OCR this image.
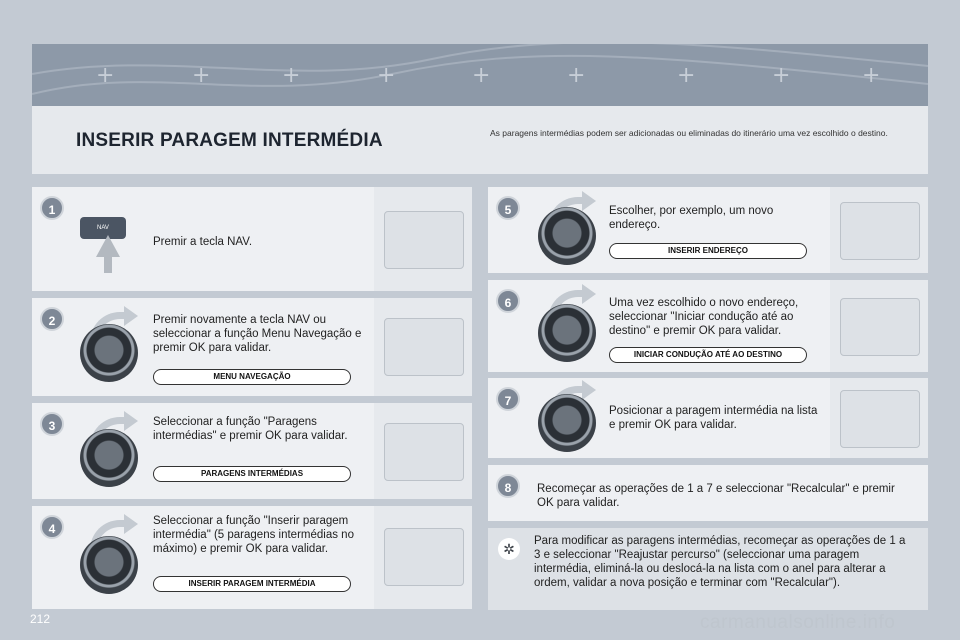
+	+	+	+	+	+	+	+	+
INSERIR PARAGEM INTERMÉDIA	As paragens intermédias podem ser adicionadas ou eliminadas do itinerário uma vez escolhido o destino.
1
NAV
Premir a tecla NAV.
2	Premir novamente a tecla NAV ou seleccionar a função Menu Navegação e premir OK para validar.
MENU NAVEGAÇÃO
3	Seleccionar a função "Paragens intermédias" e premir OK para validar.
PARAGENS INTERMÉDIAS
4
Seleccionar a função "Inserir paragem intermédia" (5 paragens intermédias no máximo) e premir OK para validar.
INSERIR PARAGEM INTERMÉDIA
5	Escolher, por exemplo, um novo endereço.
INSERIR ENDEREÇO
6	Uma vez escolhido o novo endereço, seleccionar "Iniciar condução até ao destino" e premir OK para validar.
INICIAR CONDUÇÃO ATÉ AO DESTINO
7
Posicionar a paragem intermédia na lista e premir OK para validar.
8	Recomeçar as operações de 1 a 7 e seleccionar "Recalcular" e premir OK para validar.
✲	Para modificar as paragens intermédias, recomeçar as operações de 1 a 3 e seleccionar "Reajustar percurso" (seleccionar uma paragem intermédia, eliminá-la ou deslocá-la na lista com o anel para alterar a ordem, validar a nova posição e terminar com "Recalcular").
212	carmanualsonline.info
